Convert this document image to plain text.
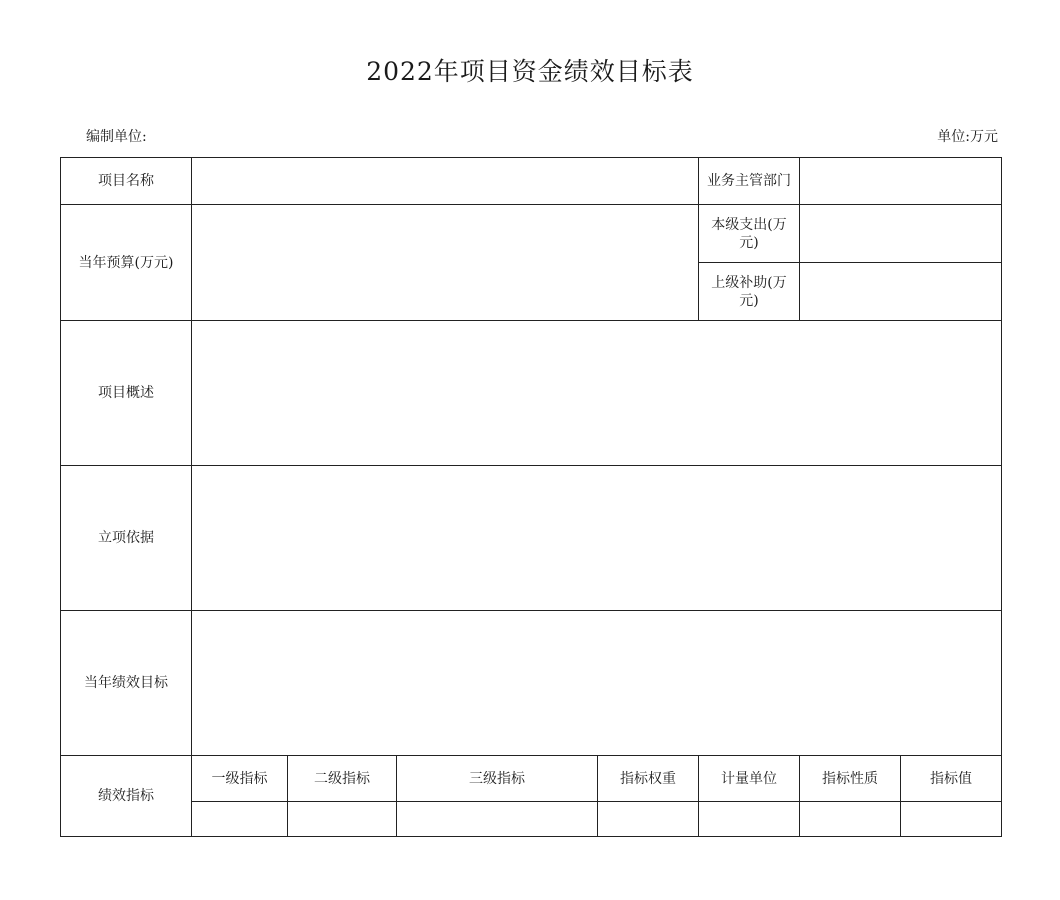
2022年项目资金绩效目标表
编制单位:	单位:万元
项目名称					业务主管部门		
当年预算(万元)					本级支出(万元)		
					上级补助(万元)		
项目概述							
立项依据							
当年绩效目标							
绩效指标	一级指标	二级指标	三级指标	指标权重	计量单位	指标性质	指标值
